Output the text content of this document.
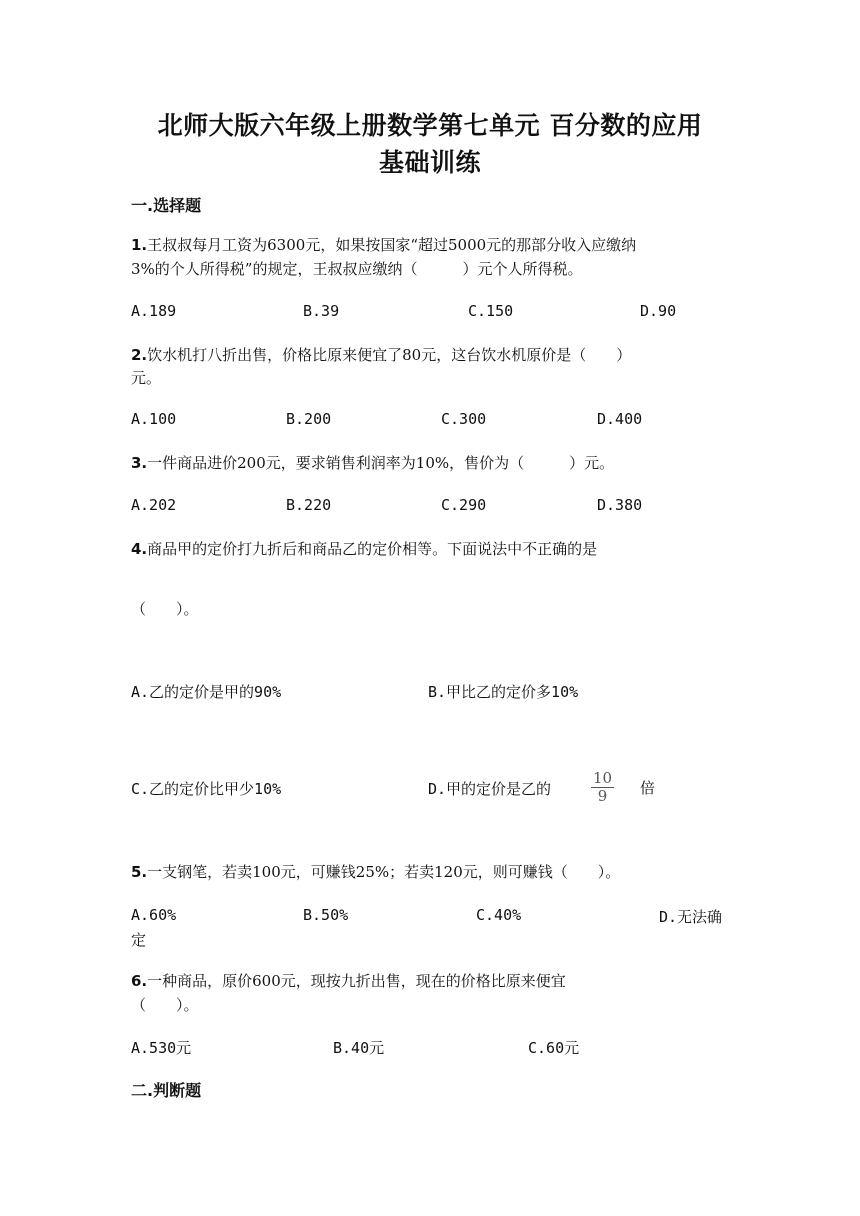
北师大版六年级上册数学第七单元 百分数的应用
基础训练
一.选择题
1.王叔叔每月工资为6300元，如果按国家“超过5000元的那部分收入应缴纳
3%的个人所得税”的规定，王叔叔应缴纳（　　　）元个人所得税。
A.189	B.39	C.150	D.90
2.饮水机打八折出售，价格比原来便宜了80元，这台饮水机原价是（　　）
元。
A.100	B.200	C.300	D.400
3.一件商品进价200元，要求销售利润率为10%，售价为（　　　）元。
A.202	B.220	C.290	D.380
4.商品甲的定价打九折后和商品乙的定价相等。下面说法中不正确的是
（　　）。
A.乙的定价是甲的90%	B.甲比乙的定价多10%
C.乙的定价比甲少10%	D.甲的定价是乙的	$\frac{10}{9}$ 倍
5.一支钢笔，若卖100元，可赚钱25%；若卖120元，则可赚钱（　　）。
A.60%	B.50%	C.40%	D.无法确
定
6.一种商品，原价600元，现按九折出售，现在的价格比原来便宜
（　　）。
A.530元	B.40元	C.60元
二.判断题
